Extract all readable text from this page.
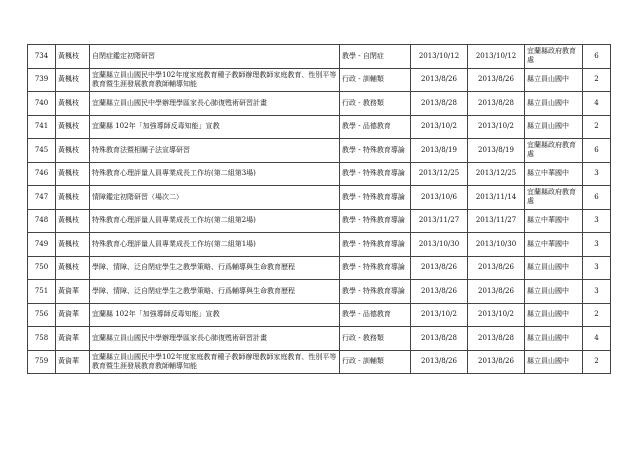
734	黃楓枝	自閉症鑑定初階研習	教學 - 自閉症	2013/10/12	2013/10/12	宜蘭縣政府教育處	6
739	黃楓枝	宜蘭縣立員山國民中學102年度家庭教育種子教師辦理教師家庭教育、性別平等教育暨生涯發展教育教師輔導知能	行政 - 訓輔類	2013/8/26	2013/8/26	縣立員山國中	2
740	黃楓枝	宜蘭縣立員山國民中學辦理學區家長心肺復甦術研習計畫	行政 - 教務類	2013/8/28	2013/8/28	縣立員山國中	4
741	黃楓枝	宜蘭縣 102年「加強導師反毒知能」宣教	教學 - 品德教育	2013/10/2	2013/10/2	縣立員山國中	2
745	黃楓枝	特殊教育法暨相關子法宣導研習	教學 - 特殊教育導論	2013/8/19	2013/8/19	宜蘭縣政府教育處	6
746	黃楓枝	特殊教育心理評量人員專業成長工作坊(第二組第3場)	教學 - 特殊教育導論	2013/12/25	2013/12/25	縣立中華國中	3
747	黃楓枝	情障鑑定初階研習（場次二）	教學 - 特殊教育導論	2013/10/6	2013/11/14	宜蘭縣政府教育處	6
748	黃楓枝	特殊教育心理評量人員專業成長工作坊(第二組第2場)	教學 - 特殊教育導論	2013/11/27	2013/11/27	縣立中華國中	3
749	黃楓枝	特殊教育心理評量人員專業成長工作坊(第二組第1場)	教學 - 特殊教育導論	2013/10/30	2013/10/30	縣立中華國中	3
750	黃楓枝	學障、情障、泛自閉症學生之教學策略、行爲輔導與生命教育歷程	教學 - 特殊教育導論	2013/8/26	2013/8/26	縣立員山國中	3
751	黃資華	學障、情障、泛自閉症學生之教學策略、行爲輔導與生命教育歷程	教學 - 特殊教育導論	2013/8/26	2013/8/26	縣立員山國中	3
756	黃資華	宜蘭縣 102年「加強導師反毒知能」宣教	教學 - 品德教育	2013/10/2	2013/10/2	縣立員山國中	2
758	黃資華	宜蘭縣立員山國民中學辦理學區家長心肺復甦術研習計畫	行政 - 教務類	2013/8/28	2013/8/28	縣立員山國中	4
759	黃資華	宜蘭縣立員山國民中學102年度家庭教育種子教師辦理教師家庭教育、性別平等教育暨生涯發展教育教師輔導知能	行政 - 訓輔類	2013/8/26	2013/8/26	縣立員山國中	2
